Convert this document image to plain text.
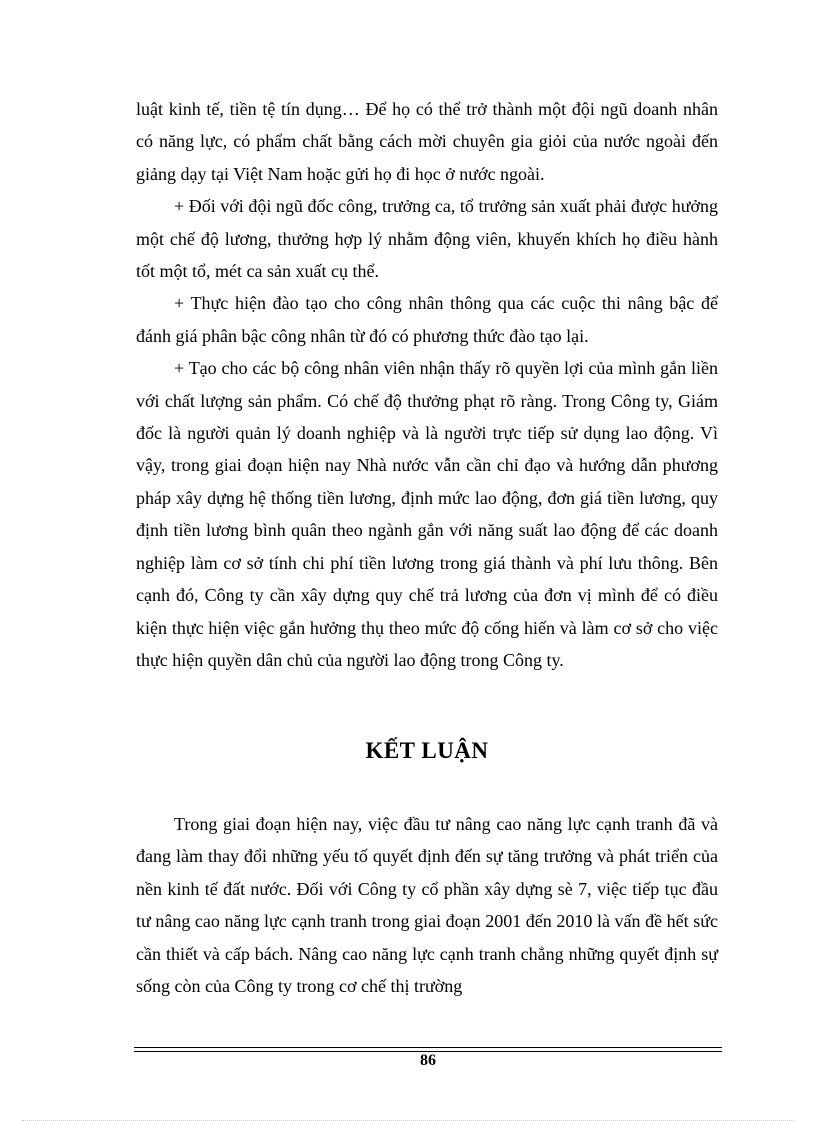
luật kinh tế, tiền tệ tín dụng… Để họ có thể trở thành một đội ngũ doanh nhân có năng lực, có phẩm chất bằng cách mời chuyên gia giỏi của nước ngoài đến giảng dạy tại Việt Nam hoặc gửi họ đi học ở nước ngoài.

+ Đối với đội ngũ đốc công, trưởng ca, tổ trưởng sản xuất phải được hưởng một chế độ lương, thưởng hợp lý nhằm động viên, khuyến khích họ điều hành tốt một tổ, mét ca sản xuất cụ thể.

+ Thực hiện đào tạo cho công nhân thông qua các cuộc thi nâng bậc để đánh giá phân bậc công nhân từ đó có phương thức đào tạo lại.

+ Tạo cho các bộ công nhân viên nhận thấy rõ quyền lợi của mình gắn liền với chất lượng sản phẩm. Có chế độ thưởng phạt rõ ràng. Trong Công ty, Giám đốc là người quản lý doanh nghiệp và là người trực tiếp sử dụng lao động. Vì vậy, trong giai đoạn hiện nay Nhà nước vẫn cần chỉ đạo và hướng dẫn phương pháp xây dựng hệ thống tiền lương, định mức lao động, đơn giá tiền lương, quy định tiền lương bình quân theo ngành gắn với năng suất lao động để các doanh nghiệp làm cơ sở tính chi phí tiền lương trong giá thành và phí lưu thông. Bên cạnh đó, Công ty cần xây dựng quy chế trả lương của đơn vị mình để có điều kiện thực hiện việc gắn hưởng thụ theo mức độ cống hiến và làm cơ sở cho việc thực hiện quyền dân chủ của người lao động trong Công ty.

KẾT LUẬN

Trong giai đoạn hiện nay, việc đầu tư nâng cao năng lực cạnh tranh đã và đang làm thay đổi những yếu tố quyết định đến sự tăng trưởng và phát triển của nền kinh tế đất nước. Đối với Công ty cổ phần xây dựng sè 7, việc tiếp tục đầu tư nâng cao năng lực cạnh tranh trong giai đoạn 2001 đến 2010 là vấn đề hết sức cần thiết và cấp bách. Nâng cao năng lực cạnh tranh chẳng những quyết định sự sống còn của Công ty trong cơ chế thị trường

86
